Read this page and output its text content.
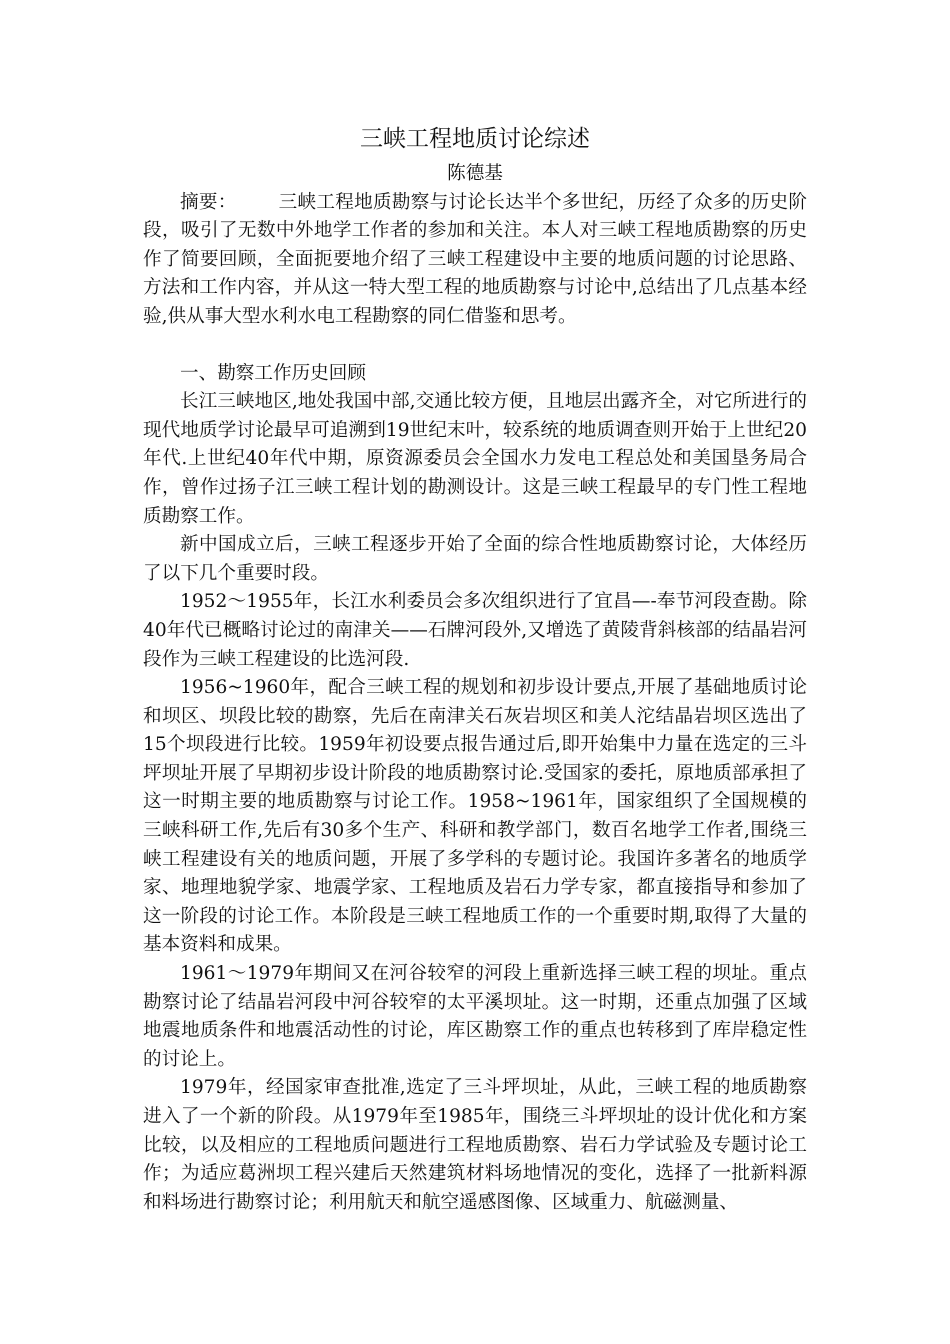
三峡工程地质讨论综述

陈德基

摘要： 三峡工程地质勘察与讨论长达半个多世纪，历经了众多的历史阶段，吸引了无数中外地学工作者的参加和关注。本人对三峡工程地质勘察的历史作了简要回顾，全面扼要地介绍了三峡工程建设中主要的地质问题的讨论思路、方法和工作内容，并从这一特大型工程的地质勘察与讨论中,总结出了几点基本经验,供从事大型水利水电工程勘察的同仁借鉴和思考。

一、勘察工作历史回顾

长江三峡地区,地处我国中部,交通比较方便，且地层出露齐全，对它所进行的现代地质学讨论最早可追溯到19世纪末叶，较系统的地质调查则开始于上世纪20年代.上世纪40年代中期，原资源委员会全国水力发电工程总处和美国垦务局合作，曾作过扬子江三峡工程计划的勘测设计。这是三峡工程最早的专门性工程地质勘察工作。

新中国成立后，三峡工程逐步开始了全面的综合性地质勘察讨论，大体经历了以下几个重要时段。

1952～1955年，长江水利委员会多次组织进行了宜昌—-奉节河段查勘。除40年代已概略讨论过的南津关——石牌河段外,又增选了黄陵背斜核部的结晶岩河段作为三峡工程建设的比选河段.

1956~1960年，配合三峡工程的规划和初步设计要点,开展了基础地质讨论和坝区、坝段比较的勘察，先后在南津关石灰岩坝区和美人沱结晶岩坝区选出了15个坝段进行比较。1959年初设要点报告通过后,即开始集中力量在选定的三斗坪坝址开展了早期初步设计阶段的地质勘察讨论.受国家的委托，原地质部承担了这一时期主要的地质勘察与讨论工作。1958~1961年，国家组织了全国规模的三峡科研工作,先后有30多个生产、科研和教学部门，数百名地学工作者,围绕三峡工程建设有关的地质问题，开展了多学科的专题讨论。我国许多著名的地质学家、地理地貌学家、地震学家、工程地质及岩石力学专家，都直接指导和参加了这一阶段的讨论工作。本阶段是三峡工程地质工作的一个重要时期,取得了大量的基本资料和成果。

1961～1979年期间又在河谷较窄的河段上重新选择三峡工程的坝址。重点勘察讨论了结晶岩河段中河谷较窄的太平溪坝址。这一时期，还重点加强了区域地震地质条件和地震活动性的讨论，库区勘察工作的重点也转移到了库岸稳定性的讨论上。

1979年，经国家审查批准,选定了三斗坪坝址，从此，三峡工程的地质勘察进入了一个新的阶段。从1979年至1985年，围绕三斗坪坝址的设计优化和方案比较，以及相应的工程地质问题进行工程地质勘察、岩石力学试验及专题讨论工作；为适应葛洲坝工程兴建后天然建筑材料场地情况的变化，选择了一批新料源和料场进行勘察讨论；利用航天和航空遥感图像、区域重力、航磁测量、
